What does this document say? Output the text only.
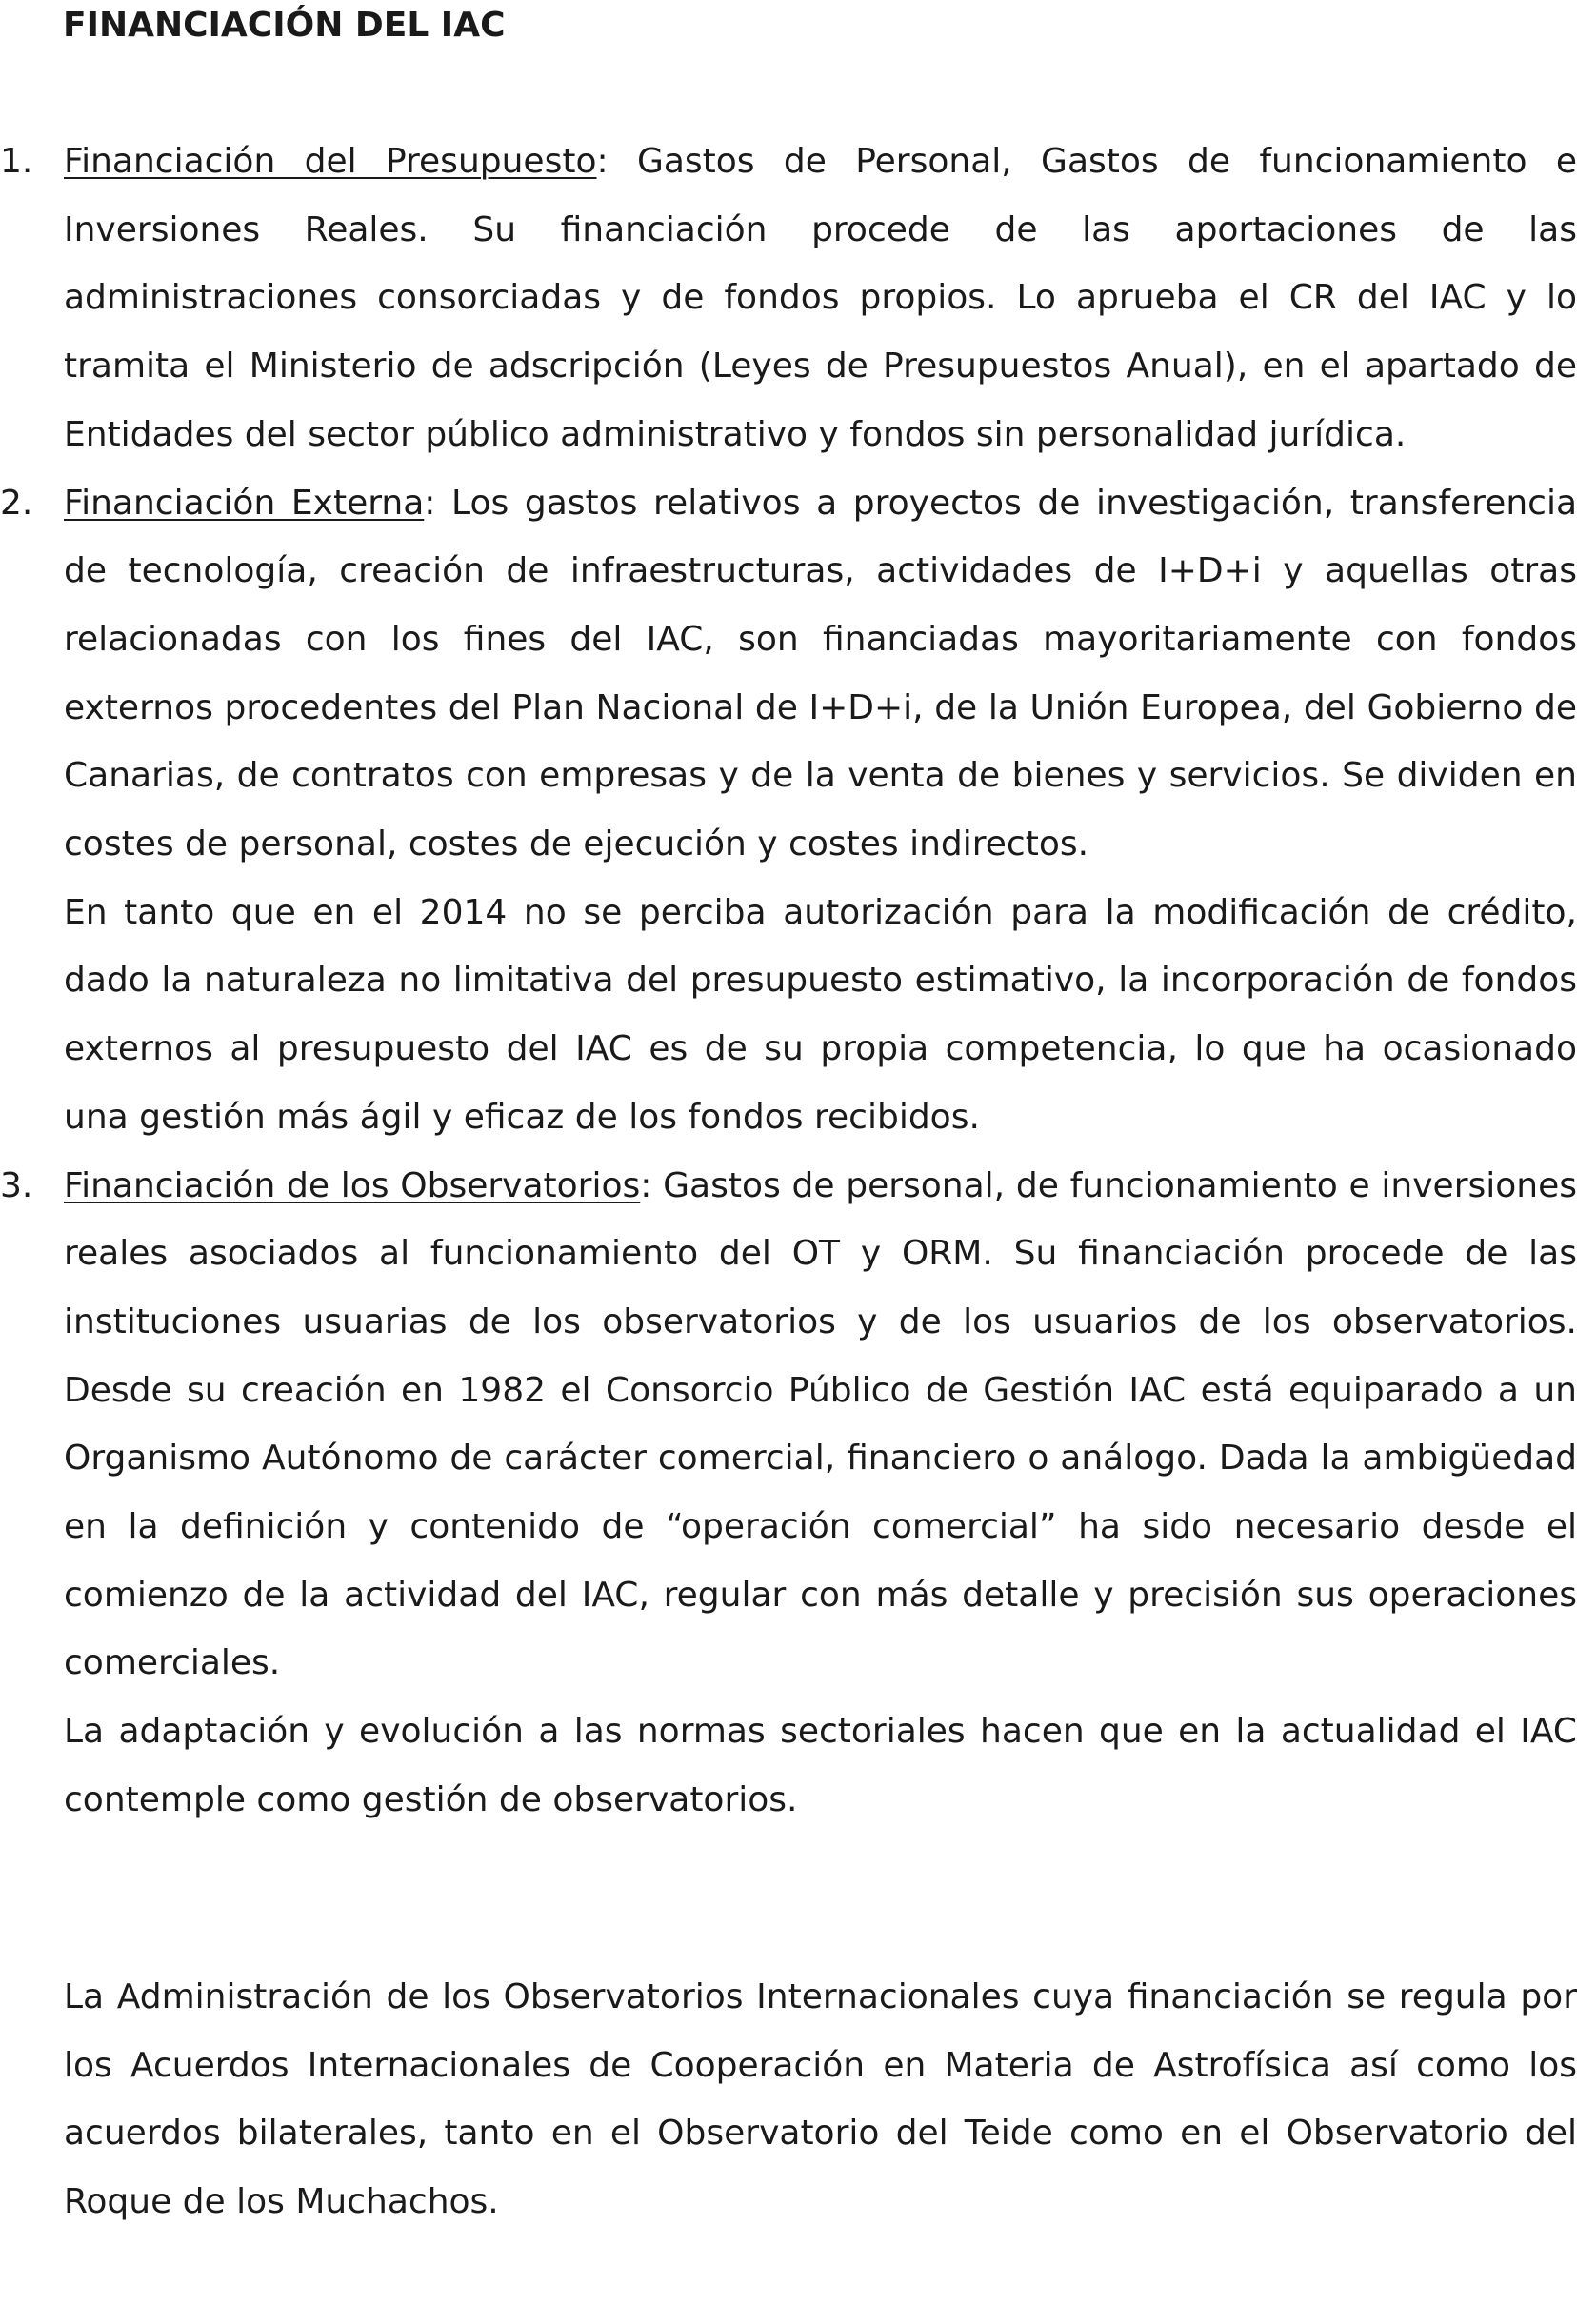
FINANCIACIÓN DEL IAC
1. Financiación del Presupuesto: Gastos de Personal, Gastos de funcionamiento e Inversiones Reales. Su financiación procede de las aportaciones de las administraciones consorciadas y de fondos propios. Lo aprueba el CR del IAC y lo tramita el Ministerio de adscripción (Leyes de Presupuestos Anual), en el apartado de Entidades del sector público administrativo y fondos sin personalidad jurídica.

2. Financiación Externa: Los gastos relativos a proyectos de investigación, transferencia de tecnología, creación de infraestructuras, actividades de I+D+i y aquellas otras relacionadas con los fines del IAC, son financiadas mayoritariamente con fondos externos procedentes del Plan Nacional de I+D+i, de la Unión Europea, del Gobierno de Canarias, de contratos con empresas y de la venta de bienes y servicios. Se dividen en costes de personal, costes de ejecución y costes indirectos.

En tanto que en el 2014 no se perciba autorización para la modificación de crédito, dado la naturaleza no limitativa del presupuesto estimativo, la incorporación de fondos externos al presupuesto del IAC es de su propia competencia, lo que ha ocasionado una gestión más ágil y eficaz de los fondos recibidos.

3. Financiación de los Observatorios: Gastos de personal, de funcionamiento e inversiones reales asociados al funcionamiento del OT y ORM. Su financiación procede de las instituciones usuarias de los observatorios y de los usuarios de los observatorios. Desde su creación en 1982 el Consorcio Público de Gestión IAC está equiparado a un Organismo Autónomo de carácter comercial, financiero o análogo. Dada la ambigüedad en la definición y contenido de “operación comercial” ha sido necesario desde el comienzo de la actividad del IAC, regular con más detalle y precisión sus operaciones comerciales.

La adaptación y evolución a las normas sectoriales hacen que en la actualidad el IAC contemple como gestión de observatorios.

La Administración de los Observatorios Internacionales cuya financiación se regula por los Acuerdos Internacionales de Cooperación en Materia de Astrofísica así como los acuerdos bilaterales, tanto en el Observatorio del Teide como en el Observatorio del Roque de los Muchachos.
